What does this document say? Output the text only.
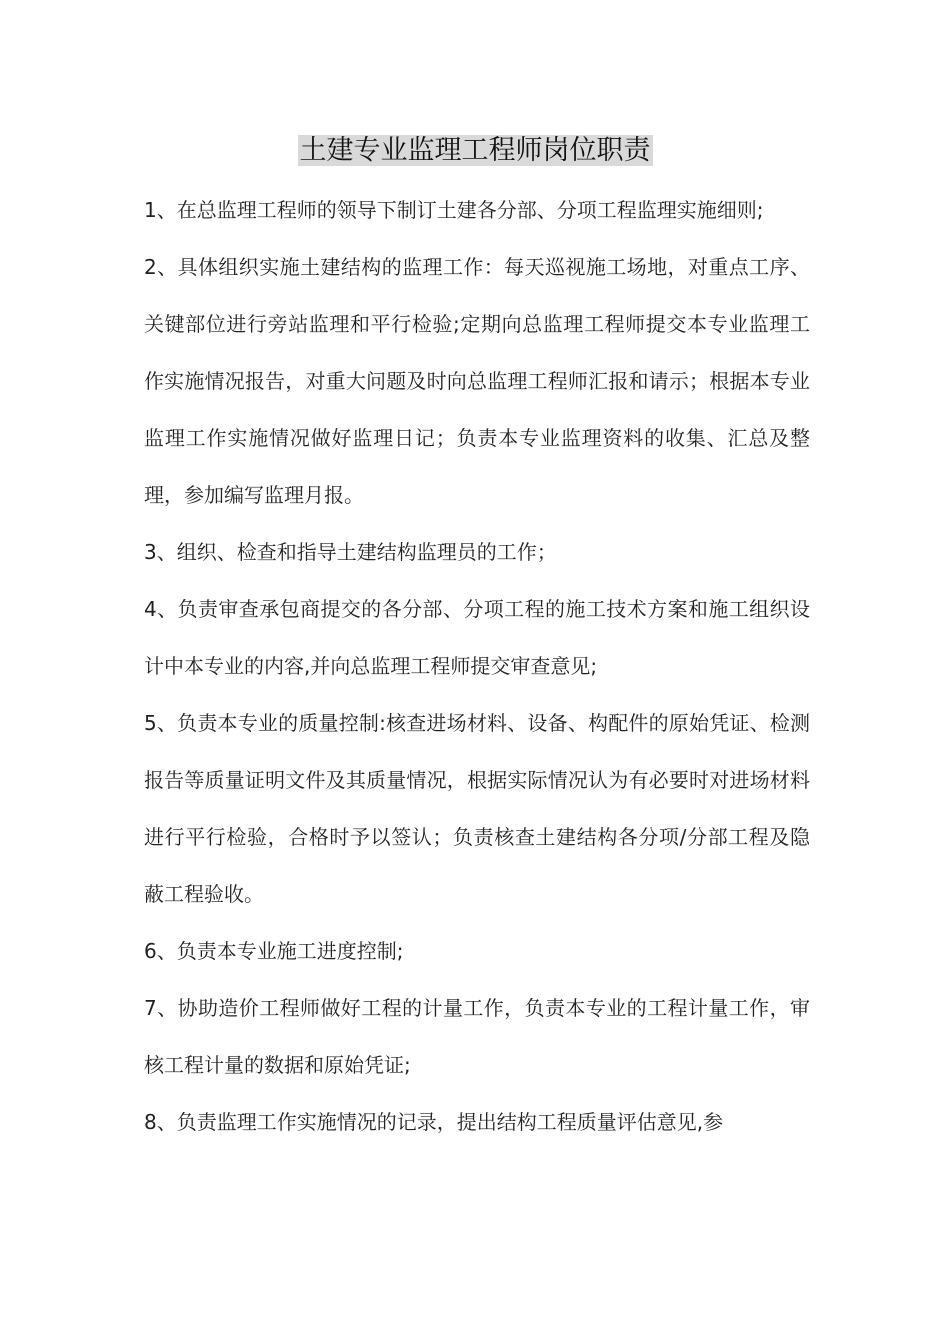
土建专业监理工程师岗位职责

1、在总监理工程师的领导下制订土建各分部、分项工程监理实施细则;

2、具体组织实施土建结构的监理工作：每天巡视施工场地，对重点工序、关键部位进行旁站监理和平行检验;定期向总监理工程师提交本专业监理工作实施情况报告，对重大问题及时向总监理工程师汇报和请示；根据本专业监理工作实施情况做好监理日记；负责本专业监理资料的收集、汇总及整理，参加编写监理月报。

3、组织、检查和指导土建结构监理员的工作；

4、负责审查承包商提交的各分部、分项工程的施工技术方案和施工组织设计中本专业的内容,并向总监理工程师提交审查意见;

5、负责本专业的质量控制:核查进场材料、设备、构配件的原始凭证、检测报告等质量证明文件及其质量情况，根据实际情况认为有必要时对进场材料进行平行检验，合格时予以签认；负责核查土建结构各分项/分部工程及隐蔽工程验收。

6、负责本专业施工进度控制;

7、协助造价工程师做好工程的计量工作，负责本专业的工程计量工作，审核工程计量的数据和原始凭证;

8、负责监理工作实施情况的记录，提出结构工程质量评估意见,参
